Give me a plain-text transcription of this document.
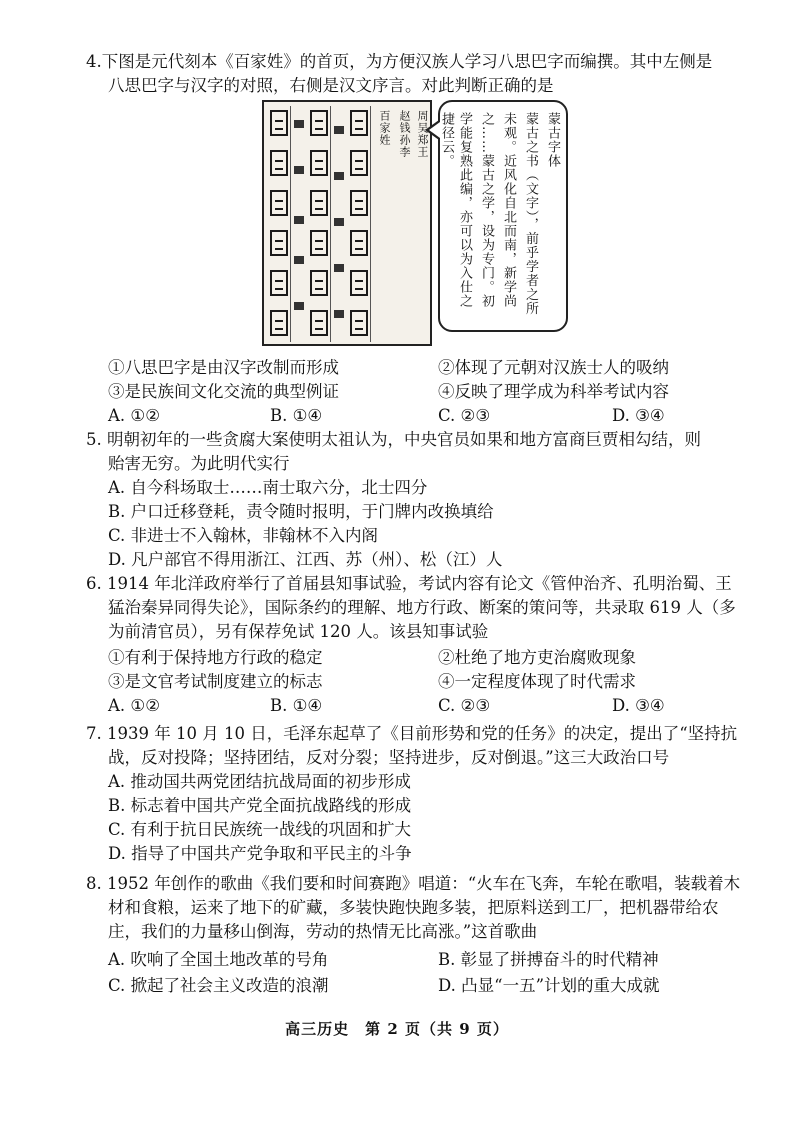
4.下图是元代刻本《百家姓》的首页，为方便汉族人学习八思巴字而编撰。其中左侧是
八思巴字与汉字的对照，右侧是汉文序言。对此判断正确的是
百家姓 赵钱孙李 周吴郑王	蒙古字体
蒙古之书（文字），前乎学者之所
未观。近风化自北而南，新学尚
之……蒙古之学，设为专门。初
学能复熟此编，亦可以为入仕之
捷径云。
①八思巴字是由汉字改制而形成	②体现了元朝对汉族士人的吸纳
③是民族间文化交流的典型例证	④反映了理学成为科举考试内容
A. ①②	B. ①④	C. ②③	D. ③④
5. 明朝初年的一些贪腐大案使明太祖认为，中央官员如果和地方富商巨贾相勾结，则
贻害无穷。为此明代实行
A. 自今科场取士……南士取六分，北士四分
B. 户口迁移登耗，责令随时报明，于门牌内改换填给
C. 非进士不入翰林，非翰林不入内阁
D. 凡户部官不得用浙江、江西、苏（州）、松（江）人
6. 1914 年北洋政府举行了首届县知事试验，考试内容有论文《管仲治齐、孔明治蜀、王
猛治秦异同得失论》，国际条约的理解、地方行政、断案的策问等，共录取 619 人（多
为前清官员），另有保荐免试 120 人。该县知事试验
①有利于保持地方行政的稳定	②杜绝了地方吏治腐败现象
③是文官考试制度建立的标志	④一定程度体现了时代需求
A. ①②	B. ①④	C. ②③	D. ③④
7. 1939 年 10 月 10 日，毛泽东起草了《目前形势和党的任务》的决定，提出了“坚持抗
战，反对投降；坚持团结，反对分裂；坚持进步，反对倒退。”这三大政治口号
A. 推动国共两党团结抗战局面的初步形成
B. 标志着中国共产党全面抗战路线的形成
C. 有利于抗日民族统一战线的巩固和扩大
D. 指导了中国共产党争取和平民主的斗争
8. 1952 年创作的歌曲《我们要和时间赛跑》唱道：“火车在飞奔，车轮在歌唱，装载着木
材和食粮，运来了地下的矿藏，多装快跑快跑多装，把原料送到工厂，把机器带给农
庄，我们的力量移山倒海，劳动的热情无比高涨。”这首歌曲
A. 吹响了全国土地改革的号角	B. 彰显了拼搏奋斗的时代精神
C. 掀起了社会主义改造的浪潮	D. 凸显“一五”计划的重大成就
高三历史　第 2 页（共 9 页）
